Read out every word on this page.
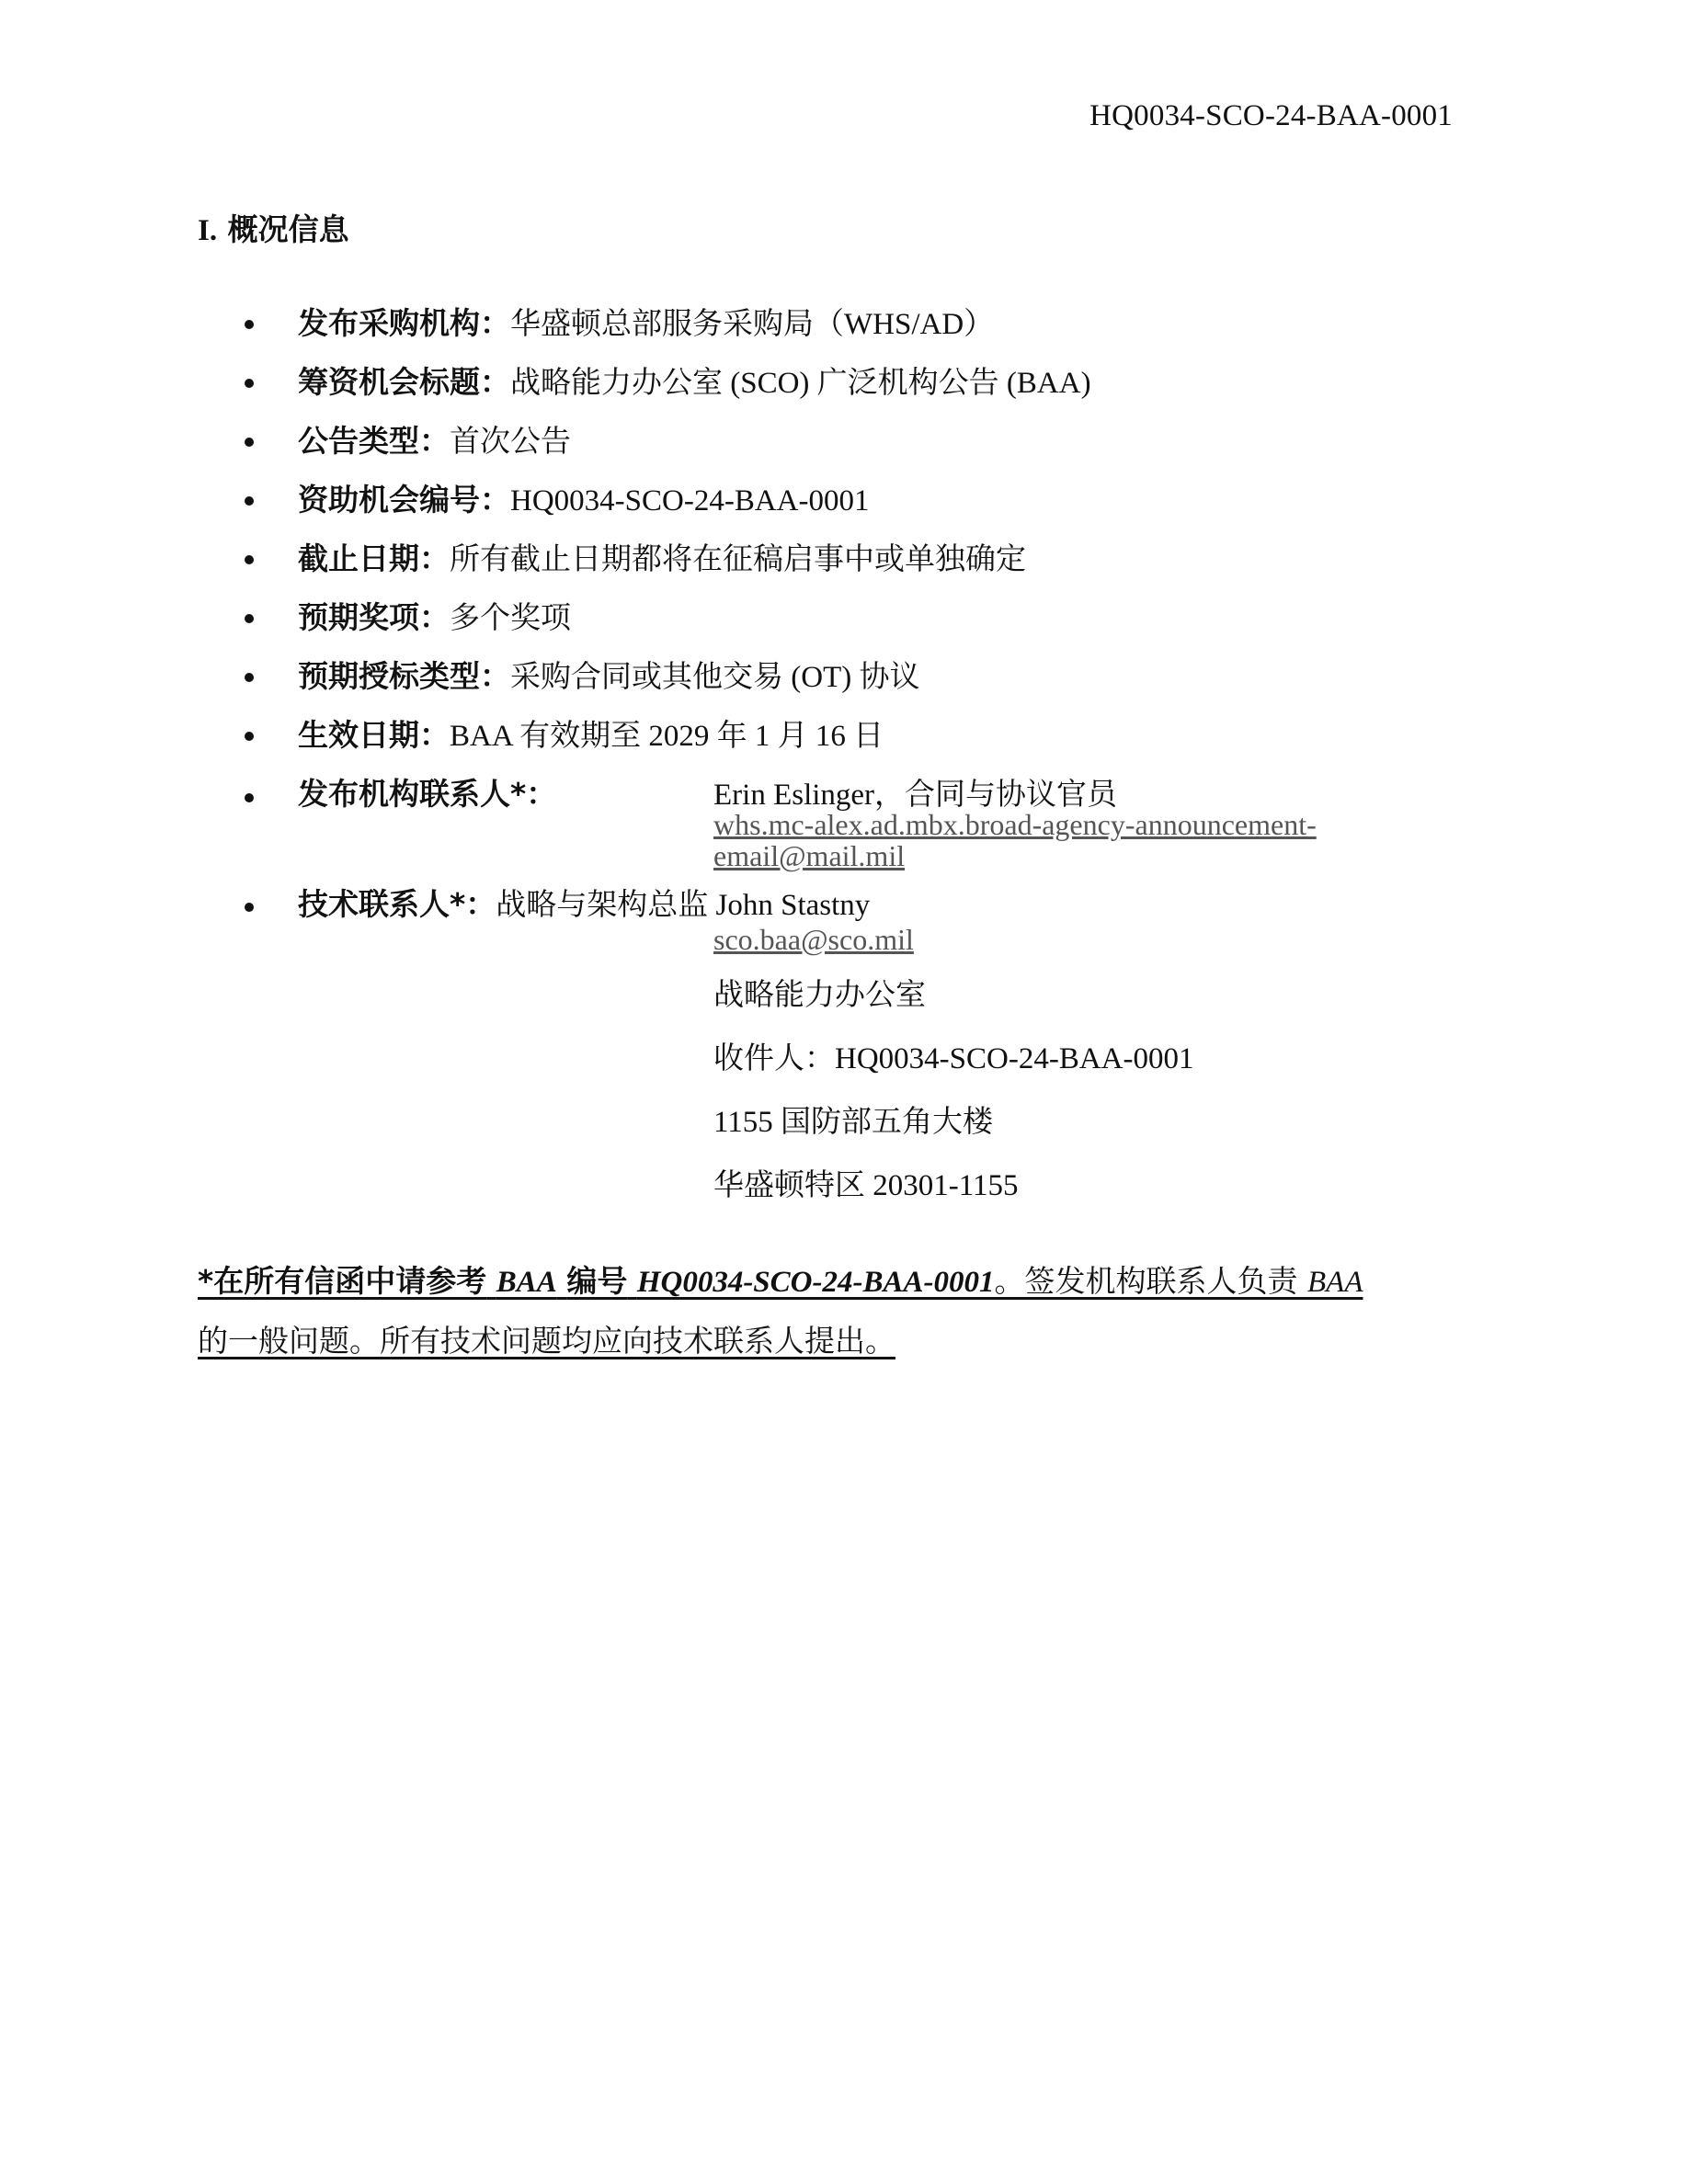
HQ0034-SCO-24-BAA-0001
I. 概况信息
发布采购机构：华盛顿总部服务采购局（WHS/AD）
筹资机会标题：战略能力办公室 (SCO) 广泛机构公告 (BAA)
公告类型：首次公告
资助机会编号：HQ0034-SCO-24-BAA-0001
截止日期：所有截止日期都将在征稿启事中或单独确定
预期奖项：多个奖项
预期授标类型：采购合同或其他交易 (OT) 协议
生效日期：BAA 有效期至 2029 年 1 月 16 日
发布机构联系人*：	Erin Eslinger，合同与协议官员
whs.mc-alex.ad.mbx.broad-agency-announcement-
email@mail.mil
技术联系人*：战略与架构总监 John Stastny
sco.baa@sco.mil
战略能力办公室
收件人：HQ0034-SCO-24-BAA-0001
1155 国防部五角大楼
华盛顿特区 20301-1155
*在所有信函中请参考 BAA 编号 HQ0034-SCO-24-BAA-0001。签发机构联系人负责 BAA
的一般问题。所有技术问题均应向技术联系人提出。
